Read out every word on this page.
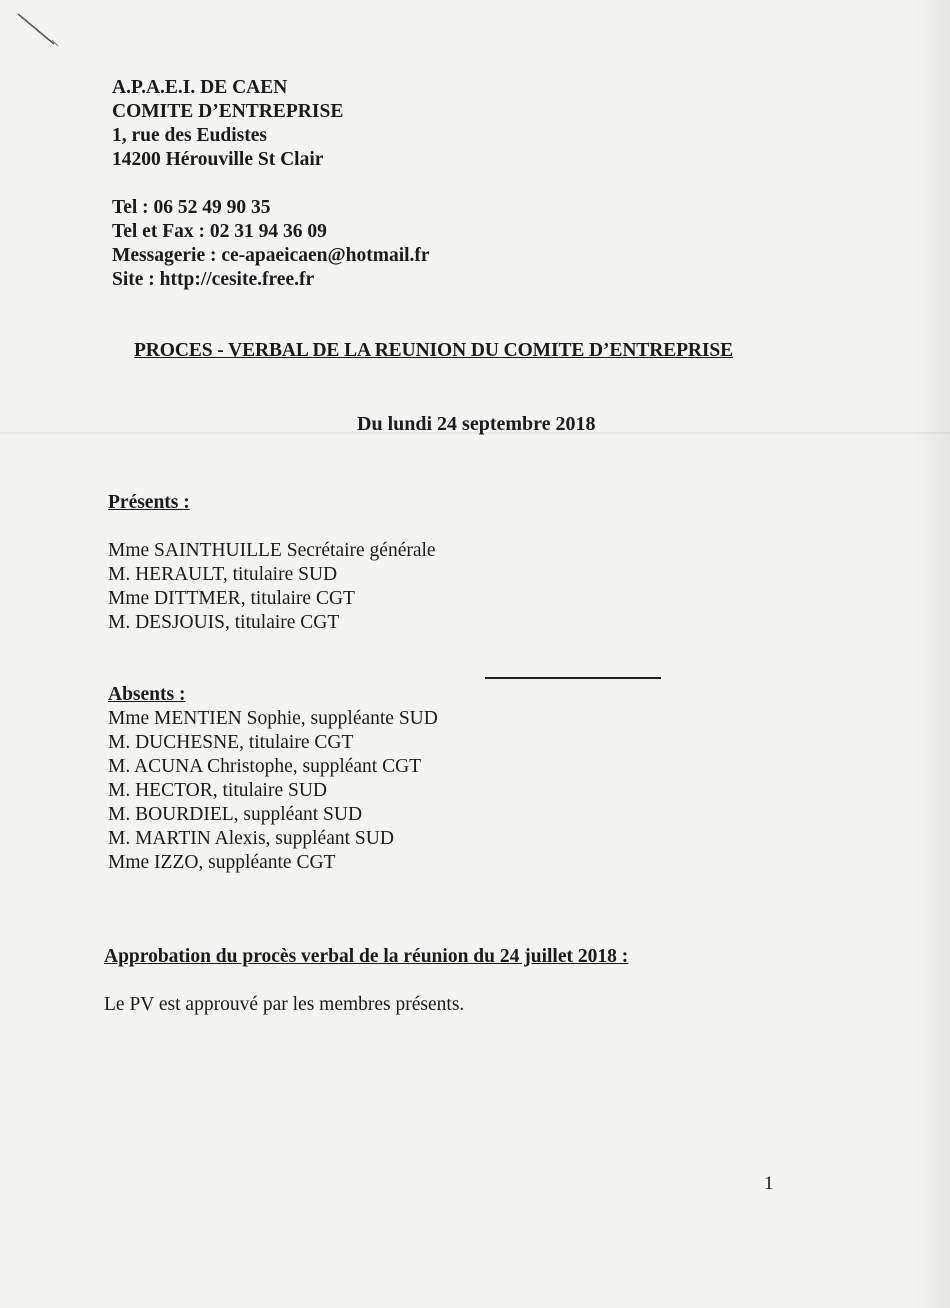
A.P.A.E.I. DE CAEN
COMITE D’ENTREPRISE
1, rue des Eudistes
14200 Hérouville St Clair
Tel : 06 52 49 90 35
Tel et Fax : 02 31 94 36 09
Messagerie : ce-apaeicaen@hotmail.fr
Site : http://cesite.free.fr
PROCES - VERBAL DE LA REUNION DU COMITE D’ENTREPRISE
Du lundi 24 septembre 2018
Présents :
Mme SAINTHUILLE Secrétaire générale
M. HERAULT, titulaire SUD
Mme DITTMER, titulaire CGT
M. DESJOUIS, titulaire CGT
Absents :
Mme MENTIEN Sophie, suppléante SUD
M. DUCHESNE, titulaire CGT
M. ACUNA Christophe, suppléant CGT
M. HECTOR, titulaire SUD
M. BOURDIEL, suppléant SUD
M. MARTIN Alexis, suppléant SUD
Mme IZZO, suppléante CGT
Approbation du procès verbal de la réunion du 24 juillet 2018 :
Le PV est approuvé par les membres présents.
1
